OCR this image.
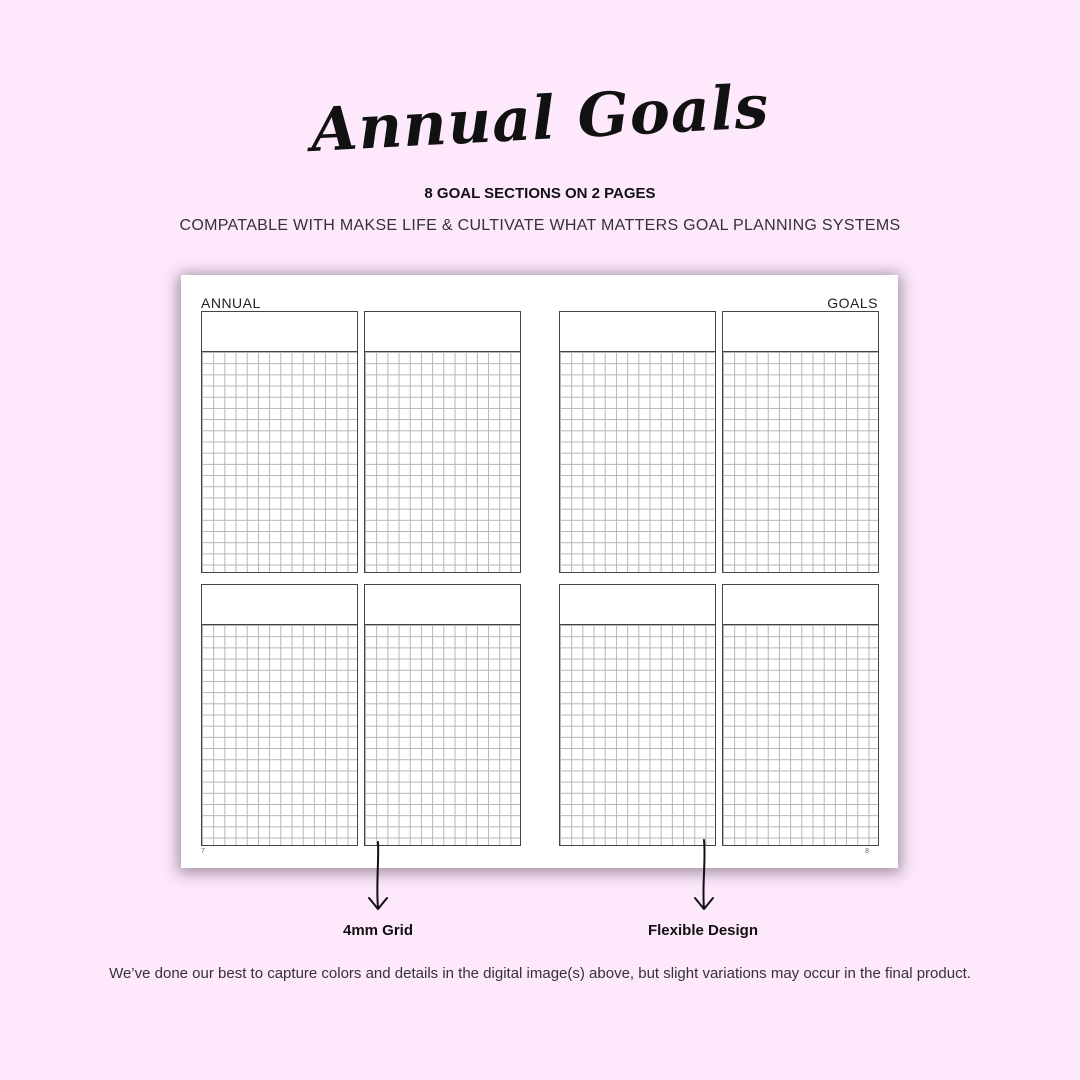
Annual Goals
8 GOAL SECTIONS ON 2 PAGES
COMPATABLE WITH MAKSE LIFE & CULTIVATE WHAT MATTERS GOAL PLANNING SYSTEMS
ANNUAL	GOALS
7	8
4mm Grid	Flexible Design
We’ve done our best to capture colors and details in the digital image(s) above, but slight variations may occur in the final product.
